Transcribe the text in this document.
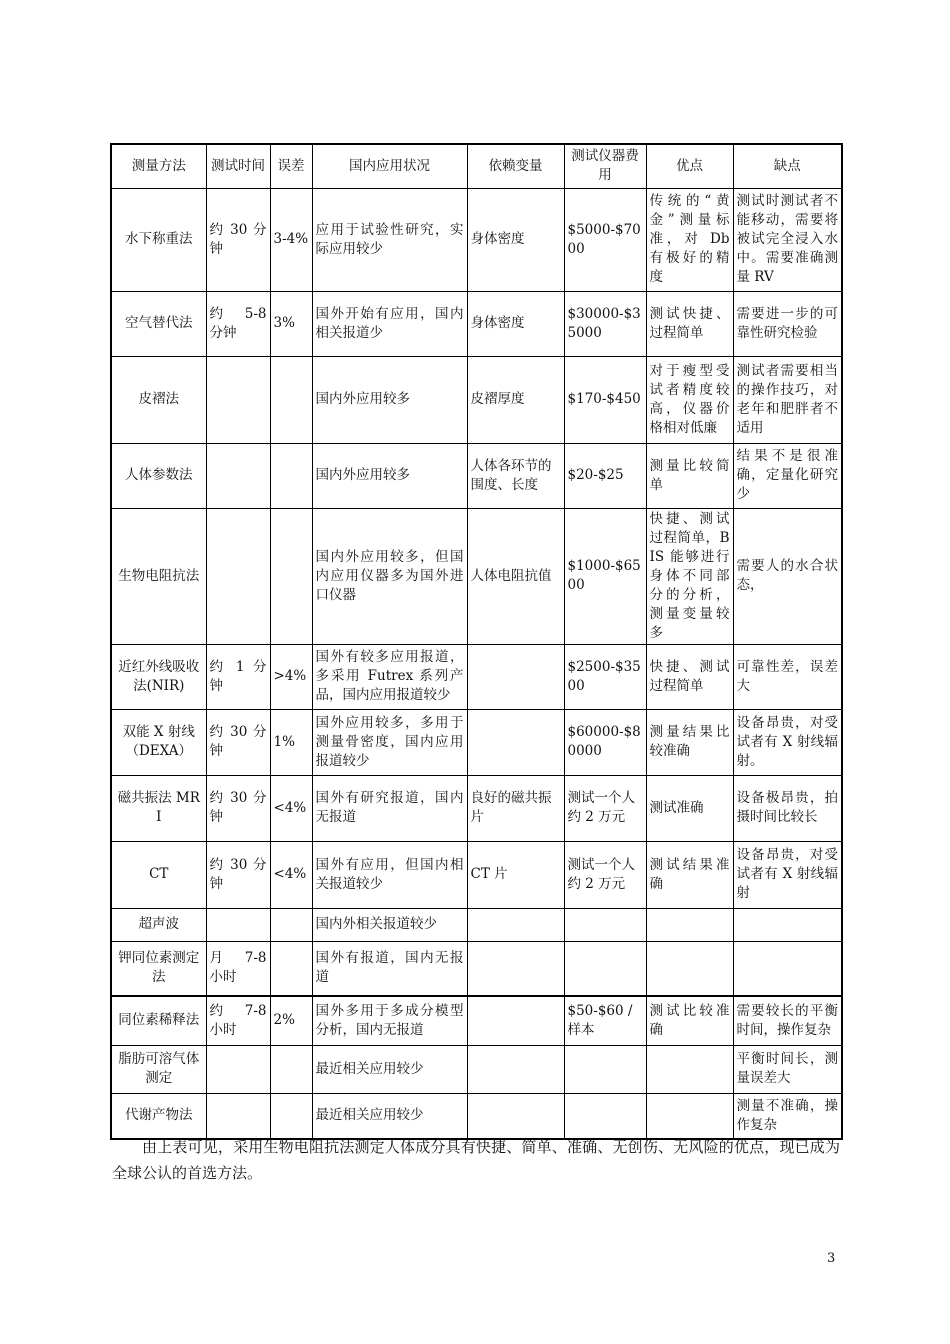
测量方法	测试时间	误差	国内应用状况	依赖变量	测试仪器费用	优点	缺点
水下称重法	约 30 分钟	3-4%	应用于试验性研究，实际应用较少	身体密度	$5000-$7000	传统的“黄金”测量标准，对 Db 有极好的精度	测试时测试者不能移动，需要将被试完全浸入水中。需要准确测量 RV
空气替代法	约 5-8 分钟	3%	国外开始有应用，国内相关报道少	身体密度	$30000-$35000	测试快捷、过程简单	需要进一步的可靠性研究检验
皮褶法			国内外应用较多	皮褶厚度	$170-$450	对于瘦型受试者精度较高，仪器价格相对低廉	测试者需要相当的操作技巧，对老年和肥胖者不适用
人体参数法			国内外应用较多	人体各环节的围度、长度	$20-$25	测量比较简单	结果不是很准确，定量化研究少
生物电阻抗法			国内外应用较多，但国内应用仪器多为国外进口仪器	人体电阻抗值	$1000-$6500	快捷、测试过程简单，BIS 能够进行身体不同部分的分析，测量变量较多	需要人的水合状态，
近红外线吸收法(NIR)	约 1 分钟	>4%	国外有较多应用报道，多采用 Futrex 系列产品，国内应用报道较少		$2500-$3500	快捷、测试过程简单	可靠性差，误差大
双能 X 射线（DEXA）	约 30 分钟	1%	国外应用较多，多用于测量骨密度，国内应用报道较少		$60000-$80000	测量结果比较准确	设备昂贵，对受试者有 X 射线辐射。
磁共振法 MRI	约 30 分钟	<4%	国外有研究报道，国内无报道	良好的磁共振片	测试一个人约 2 万元	测试准确	设备极昂贵，拍摄时间比较长
CT	约 30 分钟	<4%	国外有应用，但国内相关报道较少	CT 片	测试一个人约 2 万元	测试结果准确	设备昂贵，对受试者有 X 射线辐射
超声波			国内外相关报道较少				
钾同位素测定法	月 7-8 小时		国外有报道，国内无报道				
同位素稀释法	约 7-8 小时	2%	国外多用于多成分模型分析，国内无报道		$50-$60 /样本	测试比较准确	需要较长的平衡时间，操作复杂
脂肪可溶气体测定			最近相关应用较少				平衡时间长，测量误差大
代谢产物法			最近相关应用较少				测量不准确，操作复杂

由上表可见，采用生物电阻抗法测定人体成分具有快捷、简单、准确、无创伤、无风险的优点，现已成为全球公认的首选方法。

3
